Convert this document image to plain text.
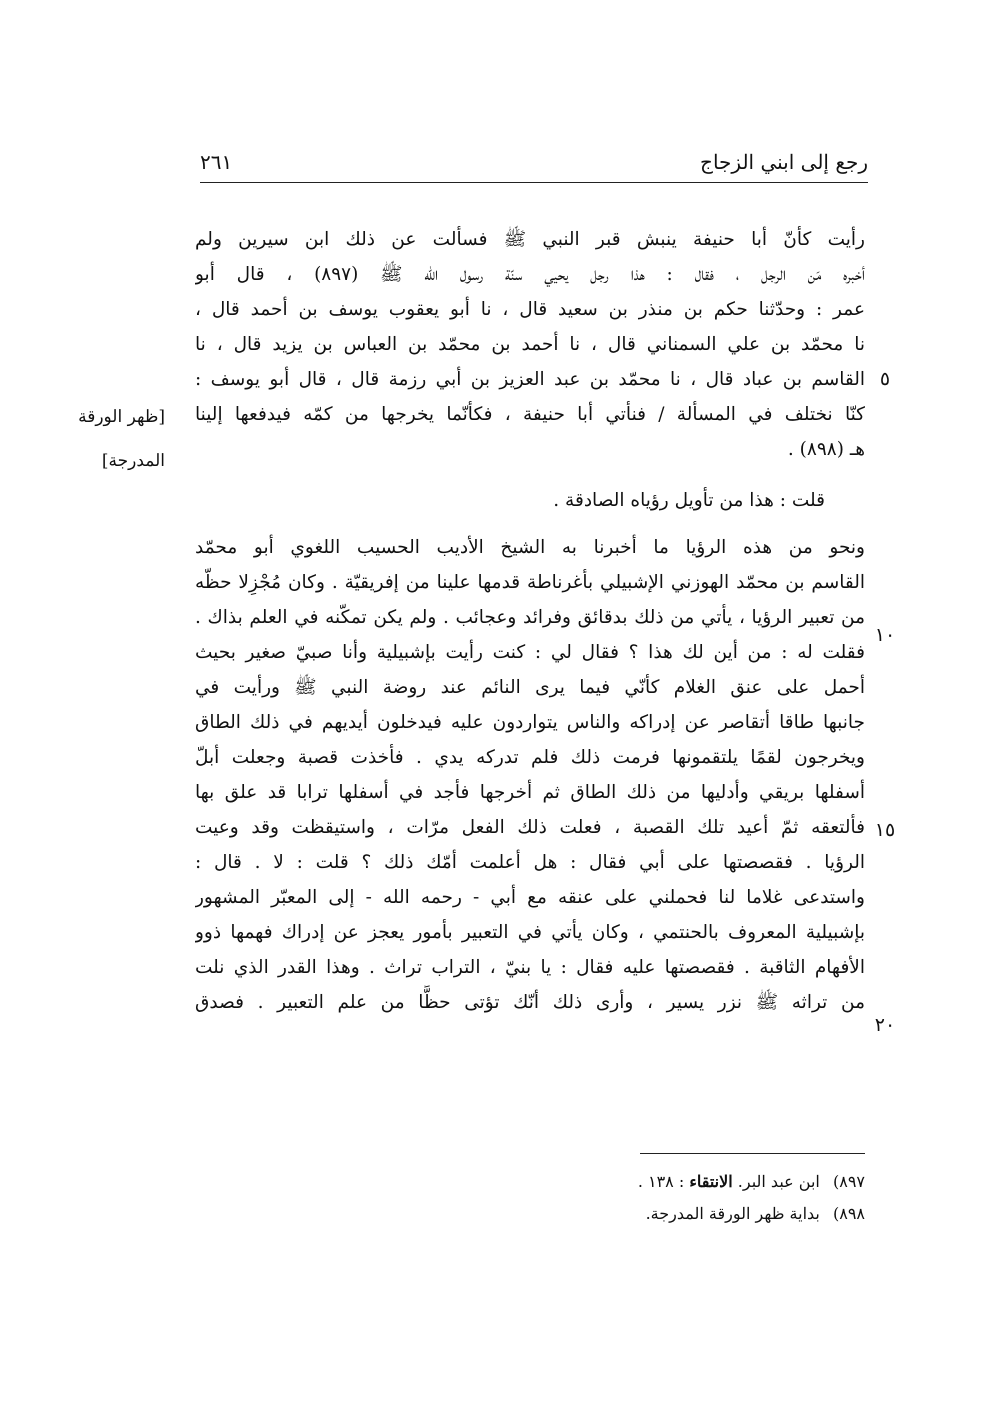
رجع إلى ابني الزجاج
٢٦١
رأيت كأنّ أبا حنيفة ينبش قبر النبي ﷺ فسألت عن ذلك ابن سيرين ولم
أخبره مَن الرجل ، فقال : هذا رجل يحيي سنّة رسول الله ﷺ (٨٩٧) ، قال أبو
عمر : وحدّثنا حكم بن منذر بن سعيد قال ، نا أبو يعقوب يوسف بن أحمد قال ،
نا محمّد بن علي السمناني قال ، نا أحمد بن محمّد بن العباس بن يزيد قال ، نا
القاسم بن عباد قال ، نا محمّد بن عبد العزيز بن أبي رزمة قال ، قال أبو يوسف :
كنّا نختلف في المسألة / فنأتي أبا حنيفة ، فكأنّما يخرجها من كمّه فيدفعها إلينا
هـ (٨٩٨) .
قلت : هذا من تأويل رؤياه الصادقة .
ونحو من هذه الرؤيا ما أخبرنا به الشيخ الأديب الحسيب اللغوي أبو محمّد
القاسم بن محمّد الهوزني الإشبيلي بأغرناطة قدمها علينا من إفريقيّة . وكان مُجْزِلا حظّه
من تعبير الرؤيا ، يأتي من ذلك بدقائق وفرائد وعجائب . ولم يكن تمكّنه في العلم بذاك .
فقلت له : من أين لك هذا ؟ فقال لي : كنت رأيت بإشبيلية وأنا صبيّ صغير بحيث
أحمل على عنق الغلام كأنّي فيما يرى النائم عند روضة النبي ﷺ ورأيت في
جانبها طاقا أتقاصر عن إدراكه والناس يتواردون عليه فيدخلون أيديهم في ذلك الطاق
ويخرجون لقمًا يلتقمونها فرمت ذلك فلم تدركه يدي . فأخذت قصبة وجعلت أبلّ
أسفلها بريقي وأدليها من ذلك الطاق ثم أخرجها فأجد في أسفلها ترابا قد علق بها
فألتعقه ثمّ أعيد تلك القصبة ، فعلت ذلك الفعل مرّات ، واستيقظت وقد وعيت
الرؤيا . فقصصتها على أبي فقال : هل أعلمت أمّك ذلك ؟ قلت : لا . قال :
واستدعى غلاما لنا فحملني على عنقه مع أبي - رحمه الله - إلى المعبّر المشهور
بإشبيلية المعروف بالحنتمي ، وكان يأتي في التعبير بأمور يعجز عن إدراك فهمها ذوو
الأفهام الثاقبة . فقصصتها عليه فقال : يا بنيّ ، التراب تراث . وهذا القدر الذي نلت
من تراثه ﷺ نزر يسير ، وأرى ذلك أنّك تؤتى حظًّا من علم التعبير . فصدق
٥
١٠
١٥
٢٠
[ظهر الورقة
المدرجة]
٨٩٧) ابن عبد البر. الانتقاء : ١٣٨ .
٨٩٨) بداية ظهر الورقة المدرجة.
